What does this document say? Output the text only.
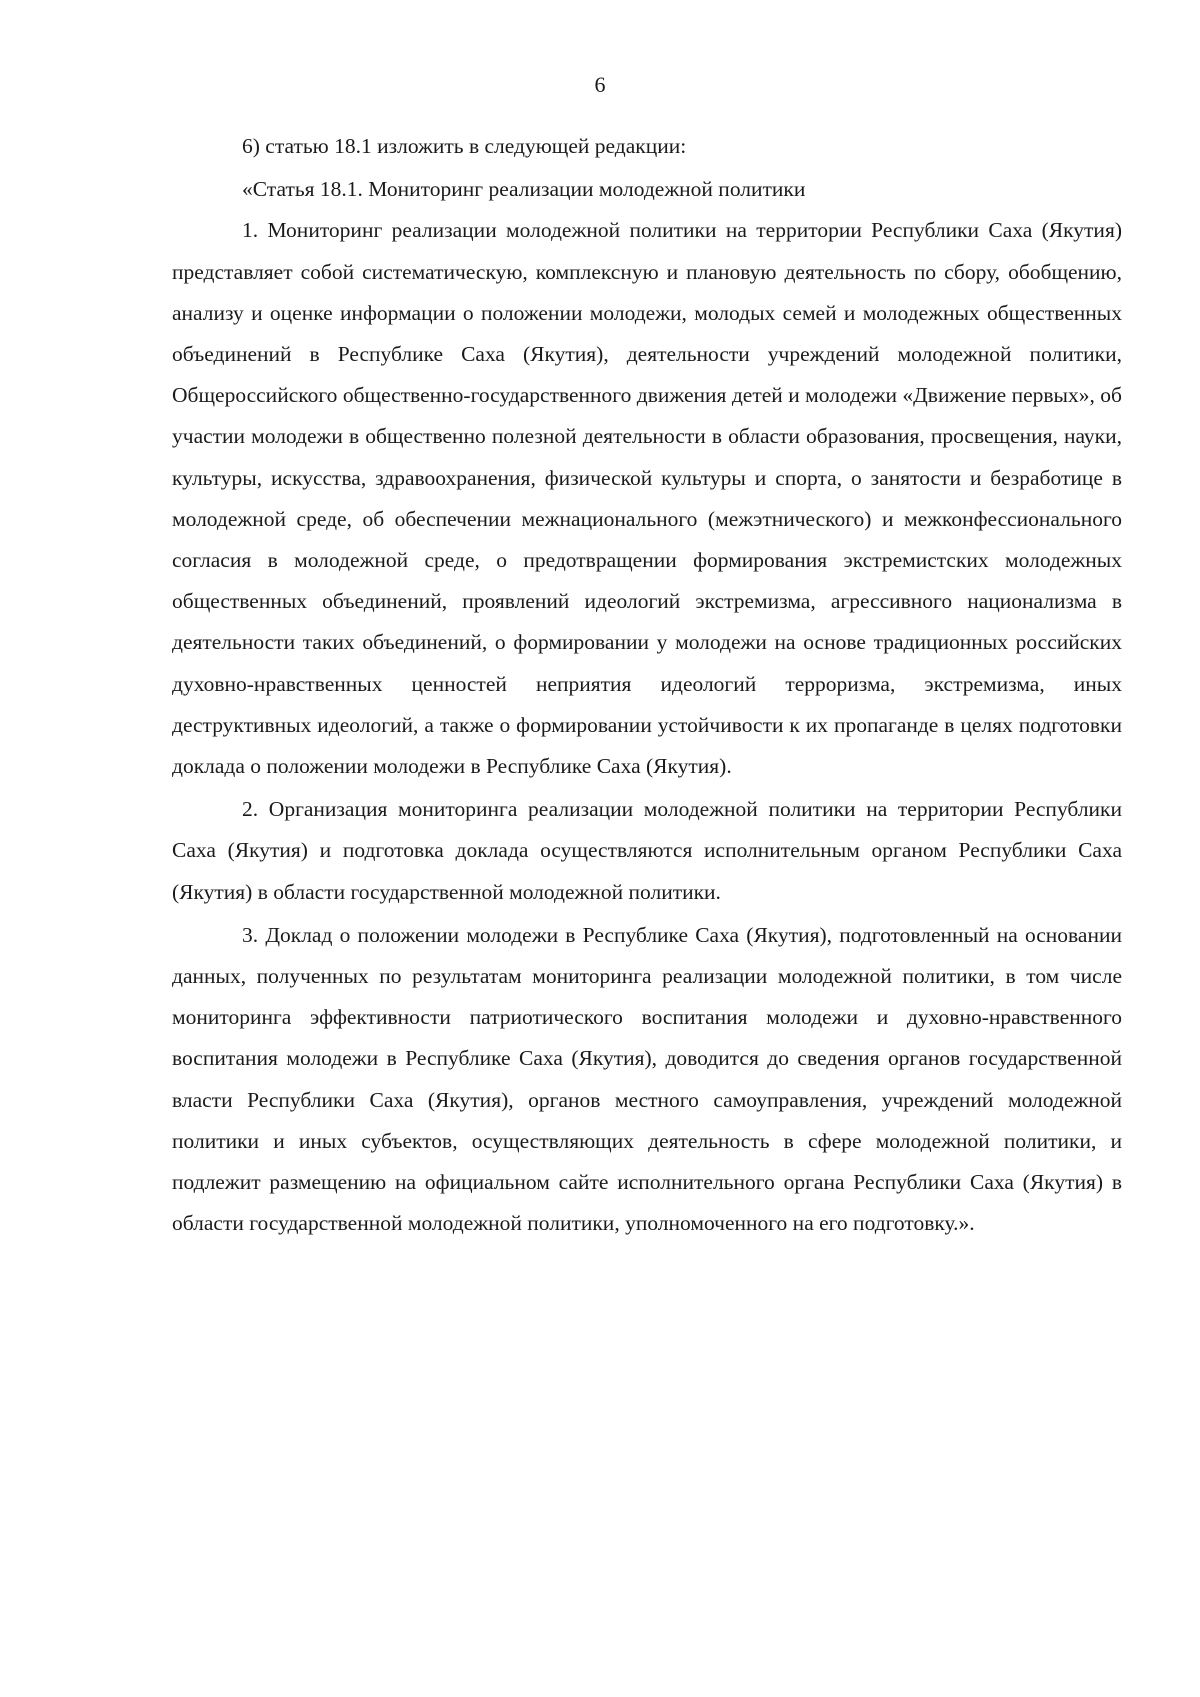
6

6) статью 18.1 изложить в следующей редакции:

«Статья 18.1. Мониторинг реализации молодежной политики

1. Мониторинг реализации молодежной политики на территории Республики Саха (Якутия) представляет собой систематическую, комплексную и плановую деятельность по сбору, обобщению, анализу и оценке информации о положении молодежи, молодых семей и молодежных общественных объединений в Республике Саха (Якутия), деятельности учреждений молодежной политики, Общероссийского общественно-государственного движения детей и молодежи «Движение первых», об участии молодежи в общественно полезной деятельности в области образования, просвещения, науки, культуры, искусства, здравоохранения, физической культуры и спорта, о занятости и безработице в молодежной среде, об обеспечении межнационального (межэтнического) и межконфессионального согласия в молодежной среде, о предотвращении формирования экстремистских молодежных общественных объединений, проявлений идеологий экстремизма, агрессивного национализма в деятельности таких объединений, о формировании у молодежи на основе традиционных российских духовно-нравственных ценностей неприятия идеологий терроризма, экстремизма, иных деструктивных идеологий, а также о формировании устойчивости к их пропаганде в целях подготовки доклада о положении молодежи в Республике Саха (Якутия).

2. Организация мониторинга реализации молодежной политики на территории Республики Саха (Якутия) и подготовка доклада осуществляются исполнительным органом Республики Саха (Якутия) в области государственной молодежной политики.

3. Доклад о положении молодежи в Республике Саха (Якутия), подготовленный на основании данных, полученных по результатам мониторинга реализации молодежной политики, в том числе мониторинга эффективности патриотического воспитания молодежи и духовно-нравственного воспитания молодежи в Республике Саха (Якутия), доводится до сведения органов государственной власти Республики Саха (Якутия), органов местного самоуправления, учреждений молодежной политики и иных субъектов, осуществляющих деятельность в сфере молодежной политики, и подлежит размещению на официальном сайте исполнительного органа Республики Саха (Якутия) в области государственной молодежной политики, уполномоченного на его подготовку.».
